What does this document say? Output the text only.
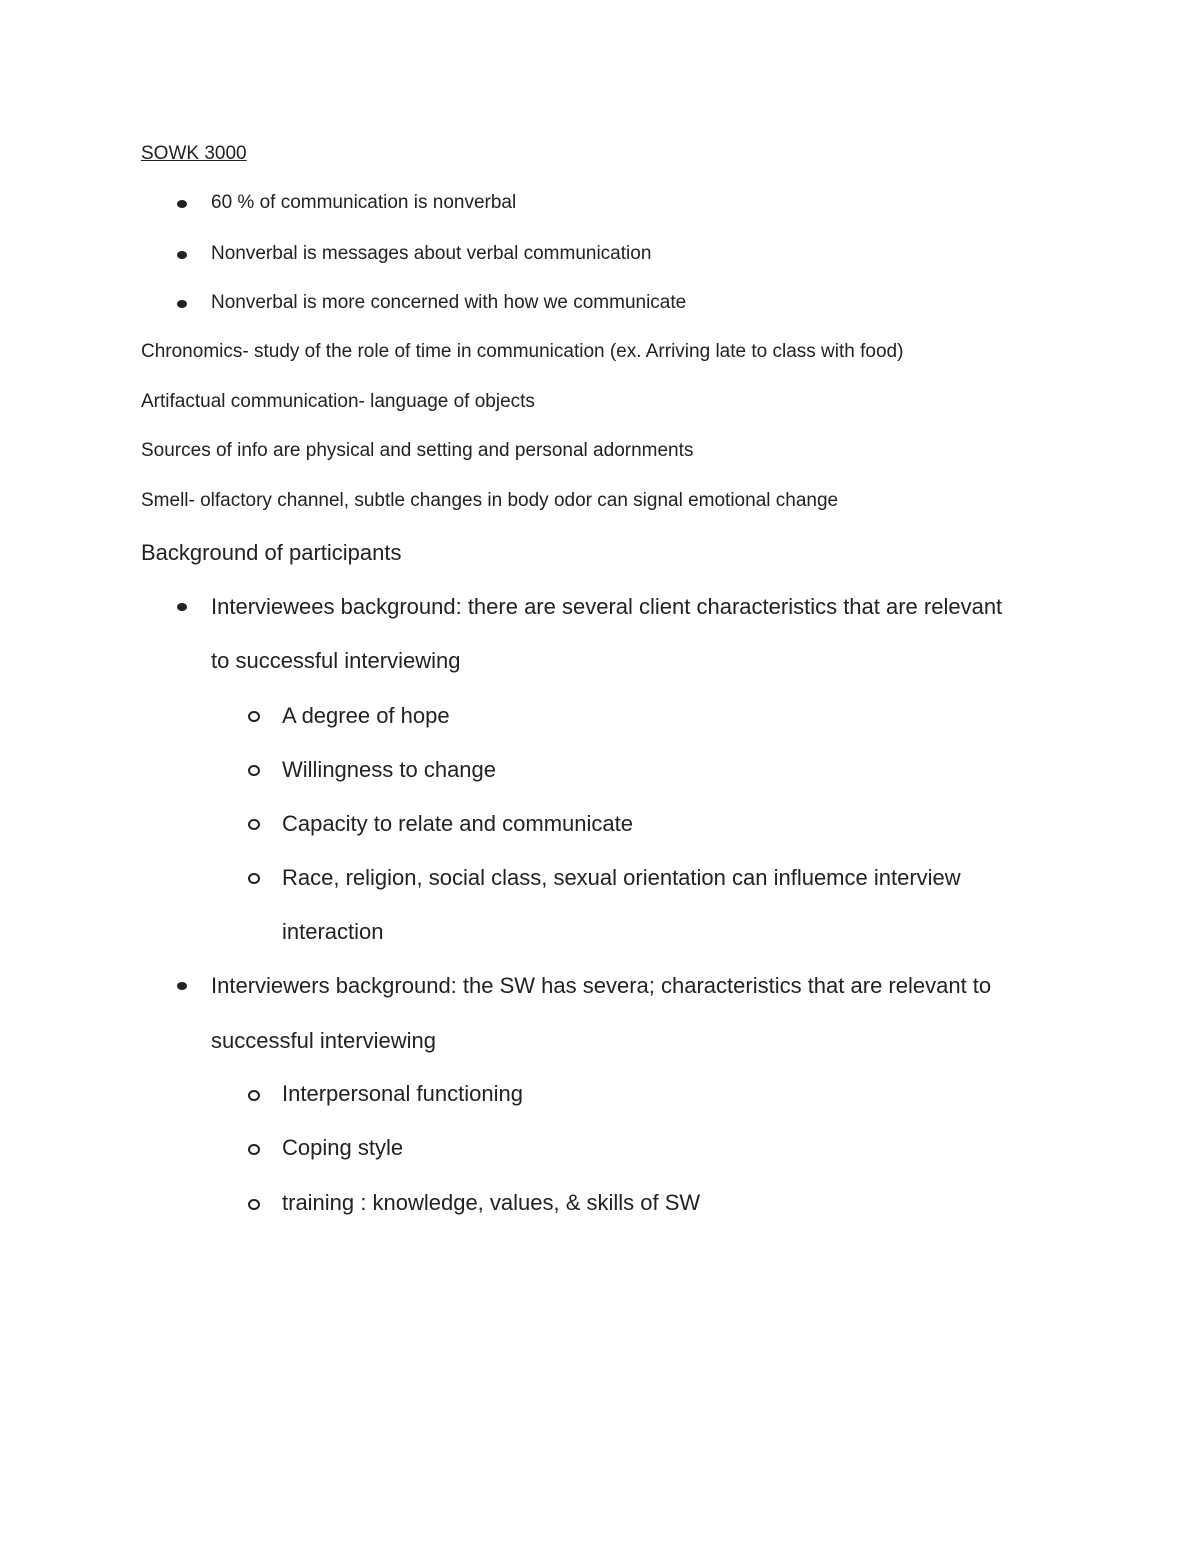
SOWK 3000
60 % of communication is nonverbal
Nonverbal is messages about verbal communication
Nonverbal is more concerned with how we communicate
Chronomics- study of the role of time in communication (ex. Arriving late to class with food)
Artifactual communication- language of objects
Sources of info are physical and setting and personal adornments
Smell- olfactory channel, subtle changes in body odor can signal emotional change
Background of participants
Interviewees background: there are several client characteristics that are relevant
to successful interviewing
A degree of hope
Willingness to change
Capacity to relate and communicate
Race, religion, social class, sexual orientation can influemce interview
interaction
Interviewers background: the SW has severa; characteristics that are relevant to
successful interviewing
Interpersonal functioning
Coping style
training : knowledge, values, & skills of SW
